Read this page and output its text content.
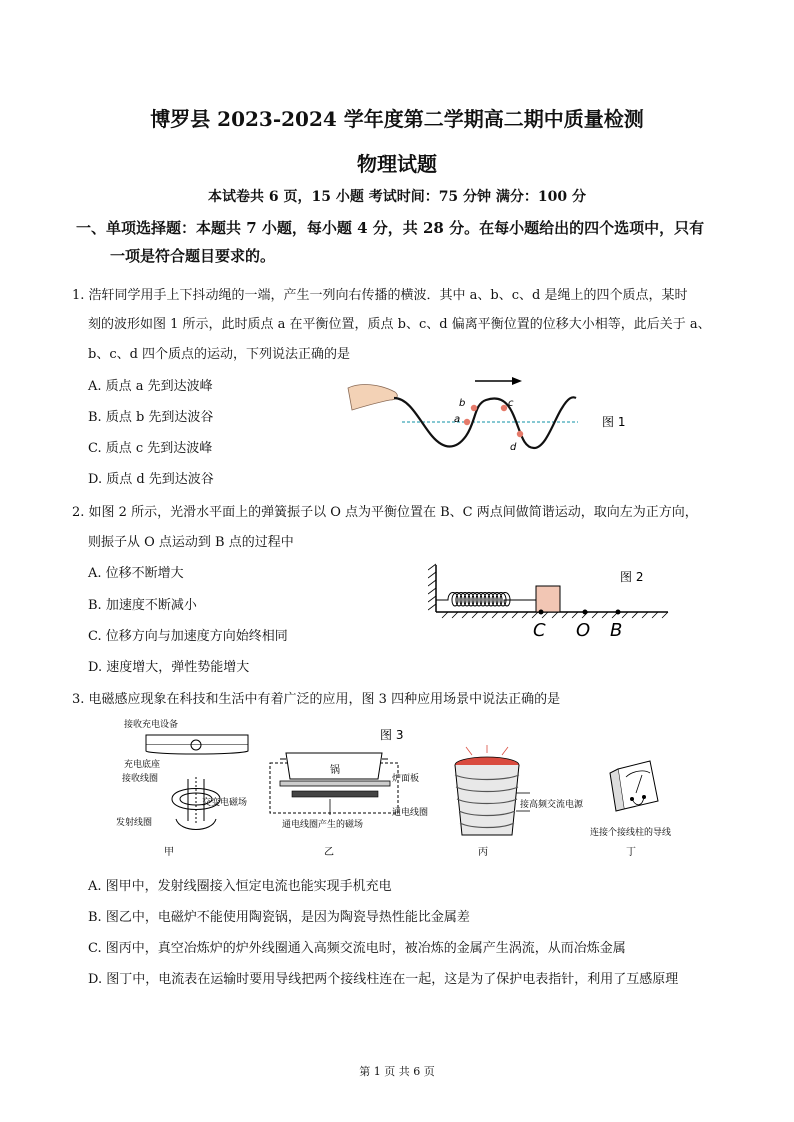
博罗县 2023-2024 学年度第二学期高二期中质量检测
物理试题
本试卷共 6 页，15 小题 考试时间：75 分钟 满分：100 分
一、单项选择题：本题共 7 小题，每小题 4 分，共 28 分。在每小题给出的四个选项中，只有
一项是符合题目要求的。
1. 浩轩同学用手上下抖动绳的一端，产生一列向右传播的横波．其中 a、b、c、d 是绳上的四个质点，某时
刻的波形如图 1 所示，此时质点 a 在平衡位置，质点 b、c、d 偏离平衡位置的位移大小相等，此后关于 a、
b、c、d 四个质点的运动，下列说法正确的是
A. 质点 a 先到达波峰
B. 质点 b 先到达波谷
C. 质点 c 先到达波峰
D. 质点 d 先到达波谷
b
a
c
d
图 1
2. 如图 2 所示，光滑水平面上的弹簧振子以 O 点为平衡位置在 B、C 两点间做简谐运动，取向左为正方向，
则振子从 O 点运动到 B 点的过程中
A. 位移不断增大
B. 加速度不断减小
C. 位移方向与加速度方向始终相同
D. 速度增大，弹性势能增大
C O B
图 2
3. 电磁感应现象在科技和生活中有着广泛的应用，图 3 四种应用场景中说法正确的是
图 3
接收充电设备
充电底座
接收线圈
交变电磁场
发射线圈
甲
锅
炉面板
通电线圈
通电线圈产生的磁场
乙
接高频交流电源
丙
连接个接线柱的导线
丁
A. 图甲中，发射线圈接入恒定电流也能实现手机充电
B. 图乙中，电磁炉不能使用陶瓷锅，是因为陶瓷导热性能比金属差
C. 图丙中，真空冶炼炉的炉外线圈通入高频交流电时，被冶炼的金属产生涡流，从而冶炼金属
D. 图丁中，电流表在运输时要用导线把两个接线柱连在一起，这是为了保护电表指针，利用了互感原理
第 1 页 共 6 页
